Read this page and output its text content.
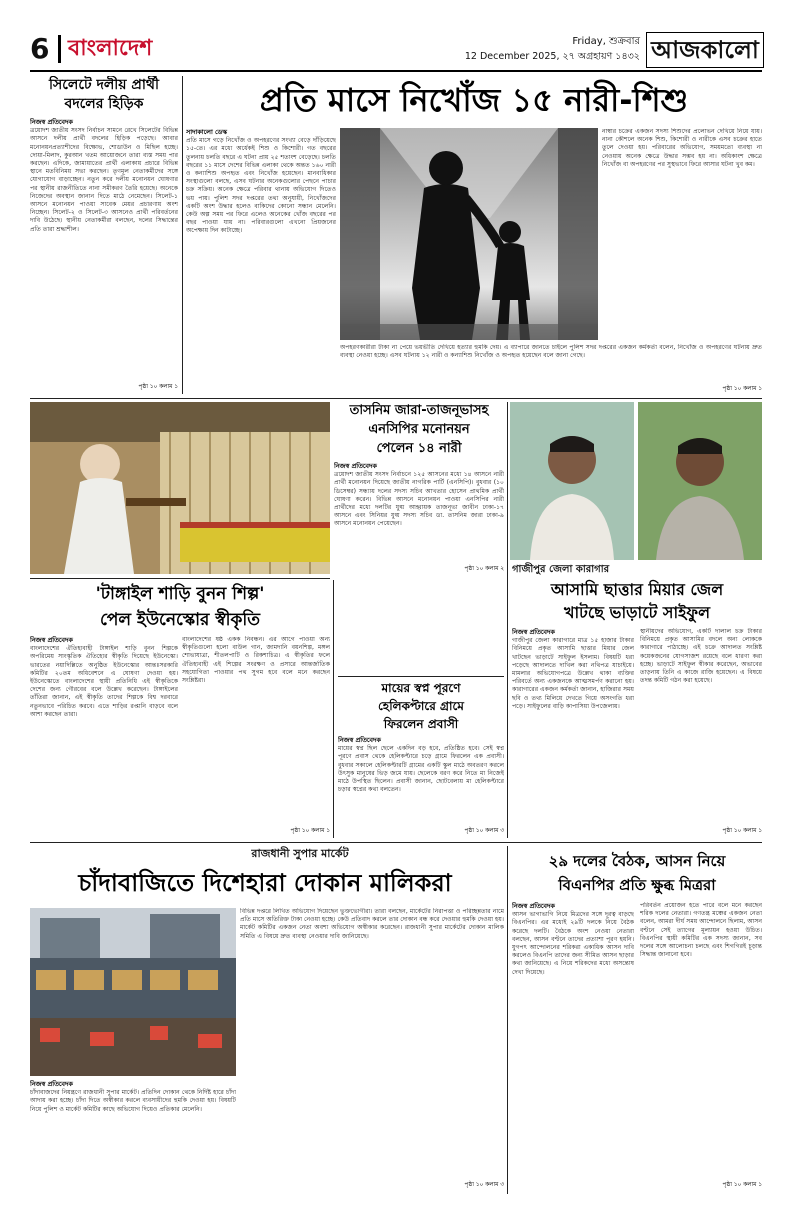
6 বাংলাদেশ	Friday, শুক্রবার
12 December 2025, ২৭ অগ্রহায়ণ ১৪৩২ আজকালো
সিলেটে দলীয় প্রার্থী
বদলের হিড়িক
নিজস্ব প্রতিবেদক
ত্রয়োদশ জাতীয় সংসদ নির্বাচন সামনে রেখে সিলেটের বিভিন্ন আসনে দলীয় প্রার্থী বদলের হিড়িক পড়েছে। আবার মনোনয়নপ্রত্যাশীদের বিক্ষোভ, শোডাউন ও মিছিল হচ্ছে। দোয়া-মিলাদ, কুরআন খতম আয়োজনে তারা ব্যস্ত সময় পার করছেন। এদিকে, জামায়াতের প্রার্থী এলাকায় প্রচারে বিভিন্ন স্থানে মতবিনিময় সভা করছেন। তৃণমূল নেতাকর্মীদের সঙ্গে যোগাযোগ বাড়াচ্ছেন। নতুন করে দলীয় মনোনয়ন ঘোষণার পর স্থানীয় রাজনীতিতে নানা সমীকরণ তৈরি হয়েছে। অনেকে নিজেদের অবস্থান জানান দিতে মাঠে নেমেছেন। সিলেট-১ আসনে মনোনয়ন পাওয়া সাবেক মেয়র প্রচারণায় অংশ নিচ্ছেন। সিলেট-২ ও সিলেট-৩ আসনেও প্রার্থী পরিবর্তনের দাবি উঠেছে। স্থানীয় নেতাকর্মীরা বলছেন, দলের সিদ্ধান্তের প্রতি তারা শ্রদ্ধাশীল।
পৃষ্ঠা ১০ কলাম ১
প্রতি মাসে নিখোঁজ ১৫ নারী-শিশু
সাদাকালো ডেস্ক
প্রতি মাসে গড়ে নিখোঁজ ও অপহরণের সংখ্যা বেড়ে দাঁড়িয়েছে ১৫-তে। এর মধ্যে অর্ধেকই শিশু ও কিশোরী। গত বছরের তুলনায় চলতি বছরে এ ঘটনা প্রায় ২৫ শতাংশ বেড়েছে। চলতি বছরের ১১ মাসে দেশের বিভিন্ন এলাকা থেকে অন্তত ১৬০ নারী ও কন্যাশিশু অপহৃত এবং নিখোঁজ হয়েছেন। মানবাধিকার সংস্থাগুলো বলছে, এসব ঘটনার অনেকগুলোর পেছনে পাচার চক্র সক্রিয়। অনেক ক্ষেত্রে পরিবার থানায় অভিযোগ দিতেও ভয় পায়। পুলিশ সদর দপ্তরের তথ্য অনুযায়ী, নিখোঁজদের একটি অংশ উদ্ধার হলেও বাকিদের কোনো সন্ধান মেলেনি। কেউ অল্প সময় পর ফিরে এলেও অনেকের খোঁজ বছরের পর বছর পাওয়া যায় না। পরিবারগুলো এখনো প্রিয়জনের অপেক্ষায় দিন কাটাচ্ছে।
নাম্বার চক্রের একজন সদস্য শিশুদের প্রলোভন দেখিয়ে নিয়ে যায়। নানা কৌশলে অনেক শিশু, কিশোরী ও নারীকে এসব চক্রের হাতে তুলে দেওয়া হয়। পরিবারের অভিযোগ, সময়মতো ব্যবস্থা না নেওয়ায় অনেক ক্ষেত্রে উদ্ধার সম্ভব হয় না। অধিকাংশ ক্ষেত্রে নিখোঁজ বা অপহরণের পর সুস্থভাবে ফিরে আসার ঘটনা খুব কম।
অপহরণকারীরা টাকা না পেয়ে ভয়ভীতি দেখিয়ে হত্যার হুমকি দেয়। এ ব্যাপারে জানতে চাইলে পুলিশ সদর দপ্তরের একজন কর্মকর্তা বলেন, নিখোঁজ ও অপহরণের ঘটনায় দ্রুত ব্যবস্থা নেওয়া হচ্ছে। এসব ঘটনায় ১২ নারী ও কন্যাশিশু নিখোঁজ ও অপহৃত হয়েছেন বলে জানা গেছে।
পৃষ্ঠা ১০ কলাম ১
তাসনিম জারা-তাজনূভাসহ
এনসিপির মনোনয়ন
পেলেন ১৪ নারী
নিজস্ব প্রতিবেদক
ত্রয়োদশ জাতীয় সংসদ নির্বাচনে ১২৫ আসনের মধ্যে ১৪ আসনে নারী প্রার্থী মনোনয়ন দিয়েছে জাতীয় নাগরিক পার্টি (এনসিপি)। বুধবার (১০ ডিসেম্বর) সন্ধ্যায় দলের সদস্য সচিব আখতার হোসেন প্রাথমিক প্রার্থী ঘোষণা করেন। বিভিন্ন আসনে মনোনয়ন পাওয়া এনসিপির নারী প্রার্থীদের মধ্যে দলটির যুগ্ম আহ্বায়ক তাজনূভা জাবীন ঢাকা-১৭ আসনে এবং সিনিয়র যুগ্ম সদস্য সচিব ডা. তাসনিম জারা ঢাকা-৯ আসনে মনোনয়ন পেয়েছেন।
পৃষ্ঠা ১০ কলাম ২
'টাঙ্গাইল শাড়ি বুনন শিল্প'
পেল ইউনেস্কোর স্বীকৃতি
নিজস্ব প্রতিবেদক
বাংলাদেশের ঐতিহ্যবাহী টাঙ্গাইল শাড়ি বুনন শিল্পকে অপরিমেয় সাংস্কৃতিক ঐতিহ্যের স্বীকৃতি দিয়েছে ইউনেস্কো। ভারতের নয়াদিল্লিতে অনুষ্ঠিত ইউনেস্কোর আন্তঃসরকারি কমিটির ২০তম অধিবেশনে এ ঘোষণা দেওয়া হয়। ইউনেস্কোতে বাংলাদেশের স্থায়ী প্রতিনিধি এই স্বীকৃতিকে দেশের জন্য গৌরবের বলে উল্লেখ করেছেন। টাঙ্গাইলের তাঁতিরা জানান, এই স্বীকৃতি তাদের শিল্পকে বিশ্ব দরবারে নতুনভাবে পরিচিত করবে। এতে শাড়ির রপ্তানি বাড়বে বলে আশা করছেন তারা।
বাংলাদেশের ষষ্ঠ একক নিবন্ধন। এর আগে পাওয়া অন্য স্বীকৃতিগুলো হলো বাউল গান, জামদানি বয়নশিল্প, মঙ্গল শোভাযাত্রা, শীতলপাটি ও রিকশাচিত্র। এ স্বীকৃতির ফলে ঐতিহ্যবাহী এই শিল্পের সংরক্ষণ ও প্রসারে আন্তর্জাতিক সহযোগিতা পাওয়ার পথ সুগম হবে বলে মনে করছেন সংশ্লিষ্টরা।
পৃষ্ঠা ১০ কলাম ১
মায়ের স্বপ্ন পূরণে
হেলিকপ্টারে গ্রামে
ফিরলেন প্রবাসী
নিজস্ব প্রতিবেদক
মায়ের স্বপ্ন ছিল ছেলে একদিন বড় হবে, প্রতিষ্ঠিত হবে। সেই স্বপ্ন পূরণে প্রবাস থেকে হেলিকপ্টারে চড়ে গ্রামে ফিরলেন এক প্রবাসী। বুধবার সকালে হেলিকপ্টারটি গ্রামের একটি স্কুল মাঠে অবতরণ করলে উৎসুক মানুষের ভিড় জমে যায়। ছেলেকে বরণ করে নিতে মা নিজেই মাঠে উপস্থিত ছিলেন। প্রবাসী জানান, ছোটবেলায় মা হেলিকপ্টারে চড়ার স্বপ্নের কথা বলতেন।
পৃষ্ঠা ১০ কলাম ৩
গাজীপুর জেলা কারাগার
আসামি ছাত্তার মিয়ার জেল
খাটছে ভাড়াটে সাইফুল
নিজস্ব প্রতিবেদক
গাজীপুর জেলা কারাগারে মাত্র ১৫ হাজার টাকার বিনিময়ে প্রকৃত আসামি ছাত্তার মিয়ার জেল খাটছেন ভাড়াটে সাইফুল ইসলাম। বিষয়টি ধরা পড়েছে আদালতে দাখিল করা নথিপত্র যাচাইয়ে। মামলার অভিযোগপত্রে উল্লেখ থাকা ব্যক্তির পরিবর্তে অন্য একজনকে আত্মসমর্পণ করানো হয়। কারাগারের একজন কর্মকর্তা জানান, হাজিরার সময় ছবি ও তথ্য মিলিয়ে দেখতে গিয়ে অসংগতি ধরা পড়ে। সাইফুলের বাড়ি কাপাসিয়া উপজেলায়।
স্থানীয়দের অভিযোগ, একটি দালাল চক্র টাকার বিনিময়ে প্রকৃত আসামির বদলে অন্য লোককে কারাগারে পাঠাচ্ছে। এই চক্রে আদালত সংশ্লিষ্ট কয়েকজনের যোগসাজশ রয়েছে বলে ধারণা করা হচ্ছে। ভাড়াটে সাইফুল স্বীকার করেছেন, অভাবের তাড়নায় তিনি এ কাজে রাজি হয়েছেন। এ বিষয়ে তদন্ত কমিটি গঠন করা হয়েছে।
পৃষ্ঠা ১০ কলাম ১
রাজধানী সুপার মার্কেট
চাঁদাবাজিতে দিশেহারা দোকান মালিকরা
নিজস্ব প্রতিবেদক
চাঁদাবাজদের নিয়ন্ত্রণে রাজধানী সুপার মার্কেট। প্রতিদিন দোকান থেকে নির্দিষ্ট হারে চাঁদা আদায় করা হচ্ছে। চাঁদা দিতে অস্বীকার করলে ব্যবসায়ীদের হুমকি দেওয়া হয়। বিষয়টি নিয়ে পুলিশ ও মার্কেট কমিটির কাছে অভিযোগ দিয়েও প্রতিকার মেলেনি।
বিভিন্ন দপ্তরে লিখিত অভিযোগ দিয়েছেন ভুক্তভোগীরা। তারা বলছেন, মার্কেটের নিরাপত্তা ও পরিচ্ছন্নতার নামে প্রতি মাসে অতিরিক্ত টাকা নেওয়া হচ্ছে। কেউ প্রতিবাদ করলে তার দোকান বন্ধ করে দেওয়ার হুমকি দেওয়া হয়। মার্কেট কমিটির একজন নেতা অবশ্য অভিযোগ অস্বীকার করেছেন। রাজধানী সুপার মার্কেটের দোকান মালিক সমিতি এ বিষয়ে দ্রুত ব্যবস্থা নেওয়ার দাবি জানিয়েছে।
পৃষ্ঠা ১০ কলাম ৩
২৯ দলের বৈঠক, আসন নিয়ে
বিএনপির প্রতি ক্ষুব্ধ মিত্ররা
নিজস্ব প্রতিবেদক
আসন ভাগাভাগি নিয়ে মিত্রদের সঙ্গে দূরত্ব বাড়ছে বিএনপির। এর মধ্যেই ২৯টি দলকে নিয়ে বৈঠক করেছে দলটি। বৈঠকে অংশ নেওয়া নেতারা বলছেন, আসন বণ্টনে তাদের প্রত্যাশা পূরণ হয়নি। যুগপৎ আন্দোলনের শরিকরা একাধিক আসন দাবি করলেও বিএনপি তাদের জন্য সীমিত আসন ছাড়ার কথা জানিয়েছে। এ নিয়ে শরিকদের মধ্যে অসন্তোষ দেখা দিয়েছে।
পরিবর্তন প্রয়োজন হতে পারে বলে মনে করছেন শরিক দলের নেতারা। গণতন্ত্র মঞ্চের একজন নেতা বলেন, আমরা দীর্ঘ সময় আন্দোলনে ছিলাম, আসন বণ্টনে সেই ত্যাগের মূল্যায়ন হওয়া উচিত। বিএনপির স্থায়ী কমিটির এক সদস্য জানান, সব দলের সঙ্গে আলোচনা চলছে এবং শিগগিরই চূড়ান্ত সিদ্ধান্ত জানানো হবে।
পৃষ্ঠা ১০ কলাম ১
